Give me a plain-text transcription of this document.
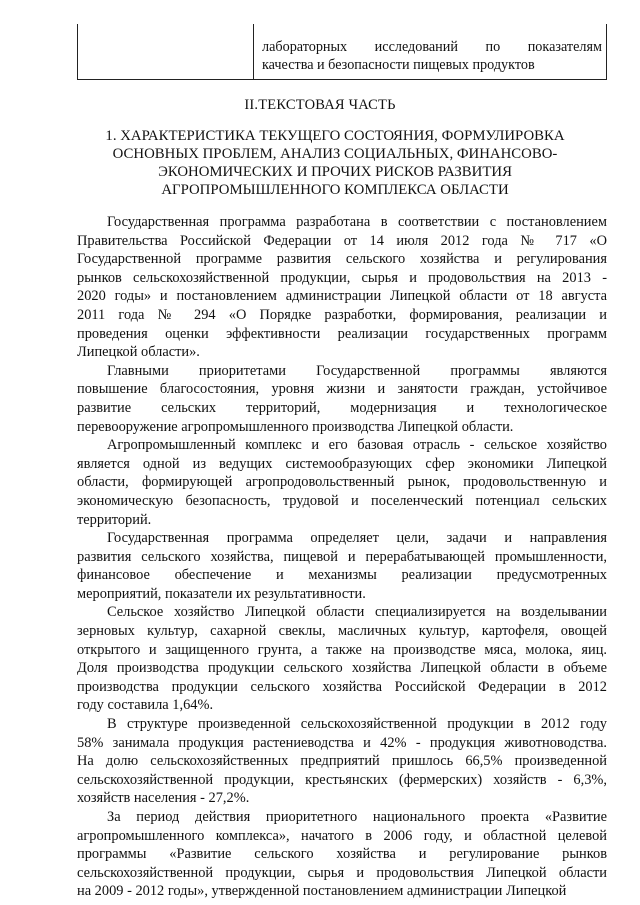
лабораторных исследований по показателям
качества и безопасности пищевых продуктов
II.ТЕКСТОВАЯ ЧАСТЬ
1. ХАРАКТЕРИСТИКА ТЕКУЩЕГО СОСТОЯНИЯ, ФОРМУЛИРОВКА
ОСНОВНЫХ ПРОБЛЕМ, АНАЛИЗ СОЦИАЛЬНЫХ, ФИНАНСОВО-
ЭКОНОМИЧЕСКИХ И ПРОЧИХ РИСКОВ РАЗВИТИЯ
АГРОПРОМЫШЛЕННОГО КОМПЛЕКСА ОБЛАСТИ
Государственная программа разработана в соответствии с постановлением
Правительства Российской Федерации от 14 июля 2012 года № 717 «О
Государственной программе развития сельского хозяйства и регулирования
рынков сельскохозяйственной продукции, сырья и продовольствия на 2013 -
2020 годы» и постановлением администрации Липецкой области от 18 августа
2011 года № 294 «О Порядке разработки, формирования, реализации и
проведения оценки эффективности реализации государственных программ
Липецкой области».
Главными приоритетами Государственной программы являются
повышение благосостояния, уровня жизни и занятости граждан, устойчивое
развитие сельских территорий, модернизация и технологическое
перевооружение агропромышленного производства Липецкой области.
Агропромышленный комплекс и его базовая отрасль - сельское хозяйство
является одной из ведущих системообразующих сфер экономики Липецкой
области, формирующей агропродовольственный рынок, продовольственную и
экономическую безопасность, трудовой и поселенческий потенциал сельских
территорий.
Государственная программа определяет цели, задачи и направления
развития сельского хозяйства, пищевой и перерабатывающей промышленности,
финансовое обеспечение и механизмы реализации предусмотренных
мероприятий, показатели их результативности.
Сельское хозяйство Липецкой области специализируется на возделывании
зерновых культур, сахарной свеклы, масличных культур, картофеля, овощей
открытого и защищенного грунта, а также на производстве мяса, молока, яиц.
Доля производства продукции сельского хозяйства Липецкой области в объеме
производства продукции сельского хозяйства Российской Федерации в 2012
году составила 1,64%.
В структуре произведенной сельскохозяйственной продукции в 2012 году
58% занимала продукция растениеводства и 42% - продукция животноводства.
На долю сельскохозяйственных предприятий пришлось 66,5% произведенной
сельскохозяйственной продукции, крестьянских (фермерских) хозяйств - 6,3%,
хозяйств населения - 27,2%.
За период действия приоритетного национального проекта «Развитие
агропромышленного комплекса», начатого в 2006 году, и областной целевой
программы «Развитие сельского хозяйства и регулирование рынков
сельскохозяйственной продукции, сырья и продовольствия Липецкой области
на 2009 - 2012 годы», утвержденной постановлением администрации Липецкой
